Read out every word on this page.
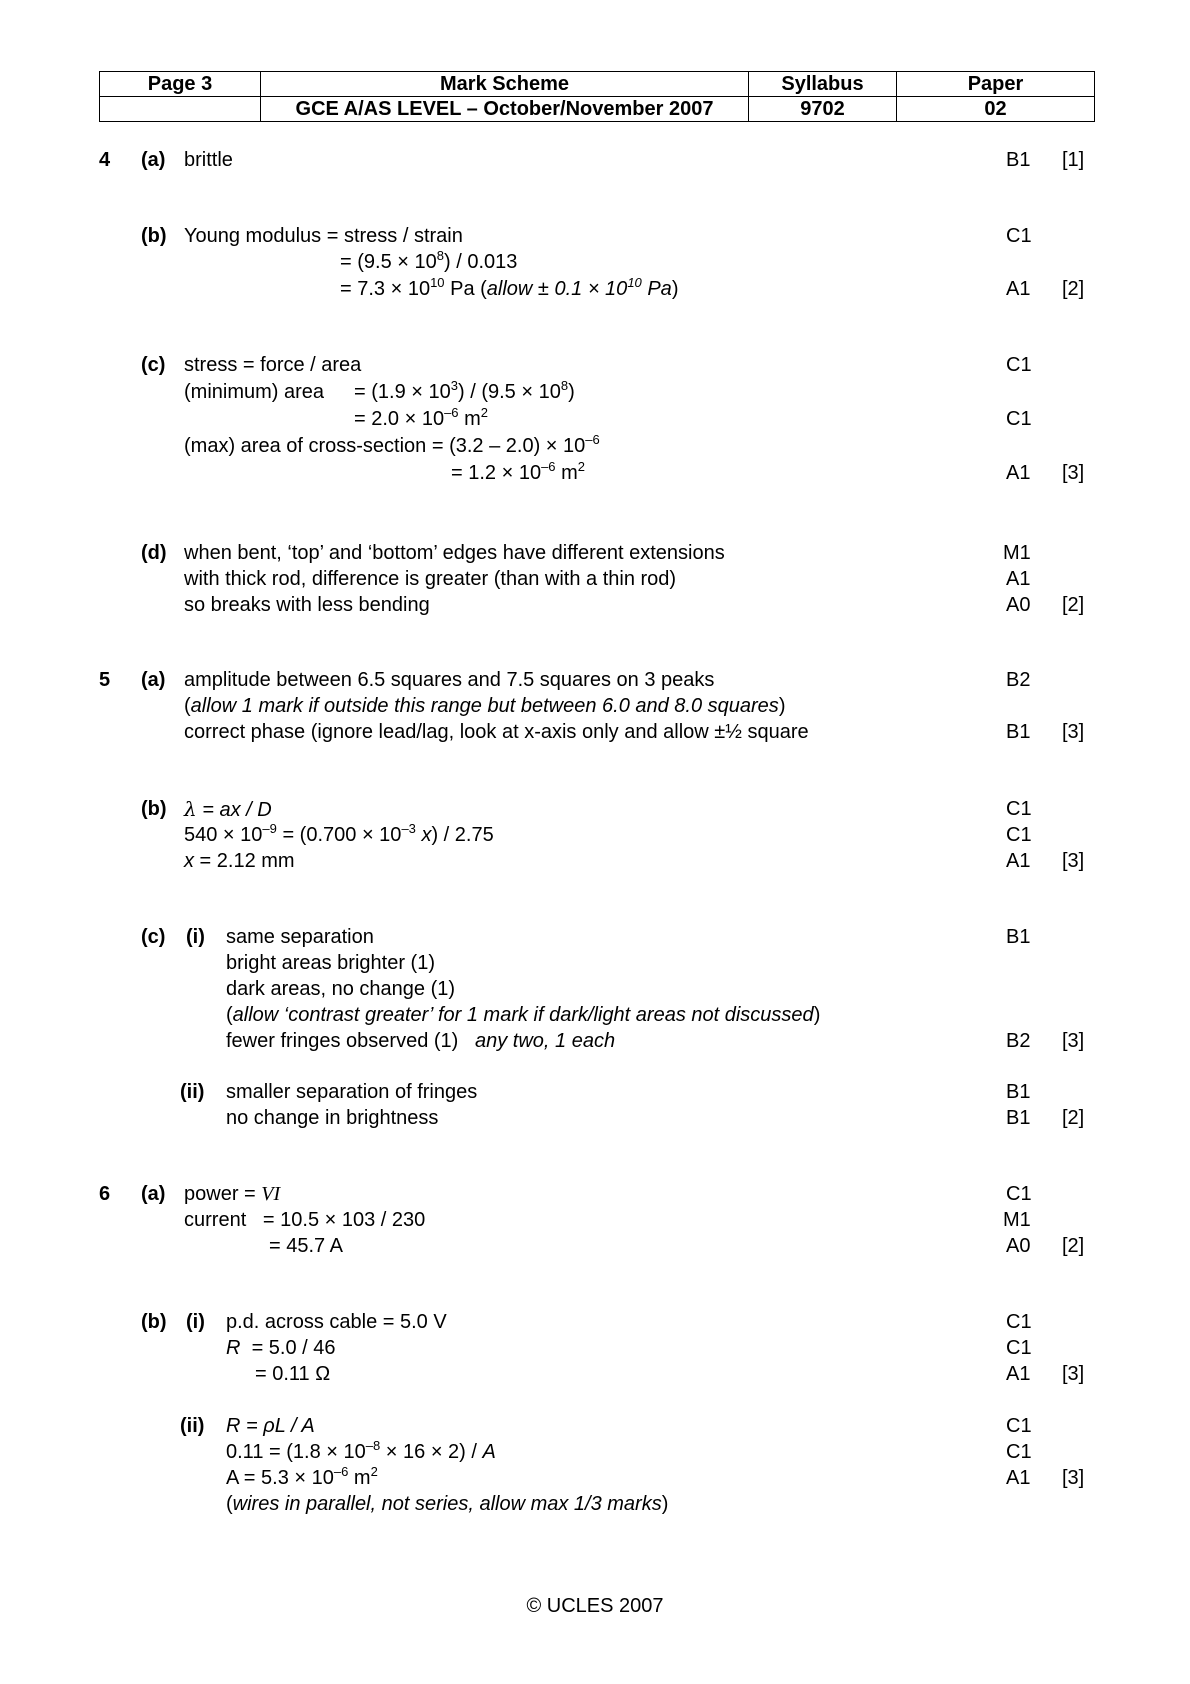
Page 3	Mark Scheme	Syllabus	Paper
	GCE A/AS LEVEL – October/November 2007	9702	02
4 (a) brittle	B1 [1]
(b) Young modulus = stress / strain	C1
= $(9.5 \times 10^8) / 0.013$
= $7.3 \times 10^{10}$ Pa (allow ± $0.1 \times 10^{10}$ Pa)	A1 [2]
(c) stress = force / area	C1
(minimum) area = $(1.9 \times 10^3) / (9.5 \times 10^8)$
= $2.0 \times 10^{-6}$ $m^2$	C1
(max) area of cross-section = $(3.2 - 2.0) \times 10^{-6}$
= $1.2 \times 10^{-6}$ $m^2$	A1 [3]
(d) when bent, ‘top’ and ‘bottom’ edges have different extensions	M1
with thick rod, difference is greater (than with a thin rod)	A1
so breaks with less bending	A0 [2]
5 (a) amplitude between 6.5 squares and 7.5 squares on 3 peaks	B2
(allow 1 mark if outside this range but between 6.0 and 8.0 squares)
correct phase (ignore lead/lag, look at x-axis only and allow ±½ square	B1 [3]
(b) λ = ax / D	C1
$540 \times 10^{-9} = (0.700 \times 10^{-3}$ x) / 2.75	C1
x = 2.12 mm	A1 [3]
(c) (i) same separation	B1
bright areas brighter (1)
dark areas, no change (1)
(allow ‘contrast greater’ for 1 mark if dark/light areas not discussed)
fewer fringes observed (1) any two, 1 each	B2 [3]
(ii) smaller separation of fringes	B1
no change in brightness	B1 [2]
6 (a) power = VI	C1
current   = 10.5 × 103 / 230	M1
= 45.7 A	A0 [2]
(b) (i) p.d. across cable = 5.0 V	C1
R  = 5.0 / 46	C1
= 0.11 Ω	A1 [3]
(ii) R = ρL / A	C1
$0.11 = (1.8 \times 10^{-8} \times 16 \times 2) / A$	C1
$A = 5.3 \times 10^{-6}$ $m^2$	A1 [3]
(wires in parallel, not series, allow max 1/3 marks)
© UCLES 2007
